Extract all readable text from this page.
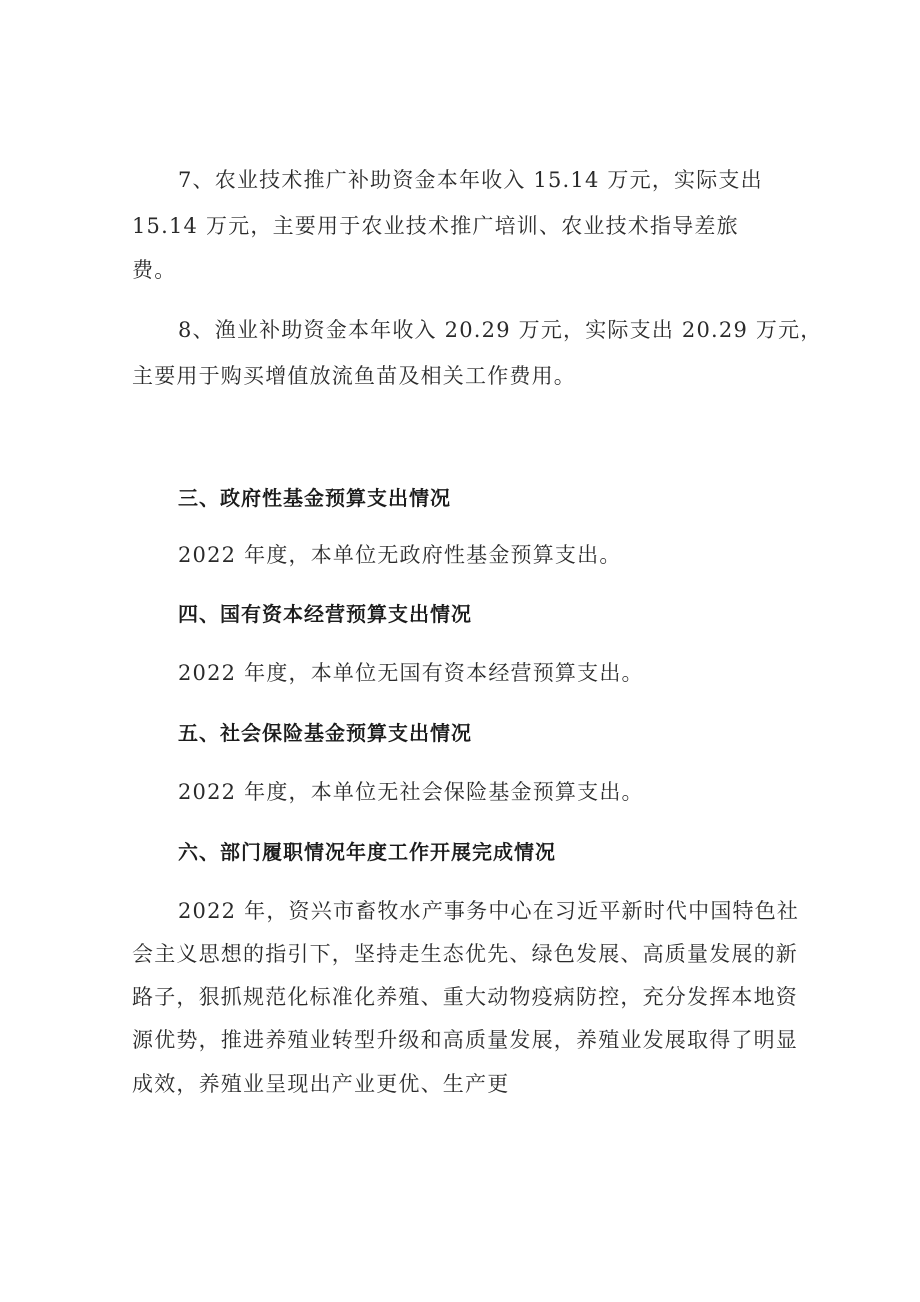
7、农业技术推广补助资金本年收入 15.14 万元，实际支出

15.14 万元，主要用于农业技术推广培训、农业技术指导差旅

费。

8、渔业补助资金本年收入 20.29 万元，实际支出 20.29 万元，

主要用于购买增值放流鱼苗及相关工作费用。

三、政府性基金预算支出情况

2022 年度，本单位无政府性基金预算支出。

四、国有资本经营预算支出情况

2022 年度，本单位无国有资本经营预算支出。

五、社会保险基金预算支出情况

2022 年度，本单位无社会保险基金预算支出。

六、部门履职情况年度工作开展完成情况

2022 年，资兴市畜牧水产事务中心在习近平新时代中国特色社

会主义思想的指引下，坚持走生态优先、绿色发展、高质量发展的新

路子，狠抓规范化标准化养殖、重大动物疫病防控，充分发挥本地资

源优势，推进养殖业转型升级和高质量发展，养殖业发展取得了明显

成效，养殖业呈现出产业更优、生产更
